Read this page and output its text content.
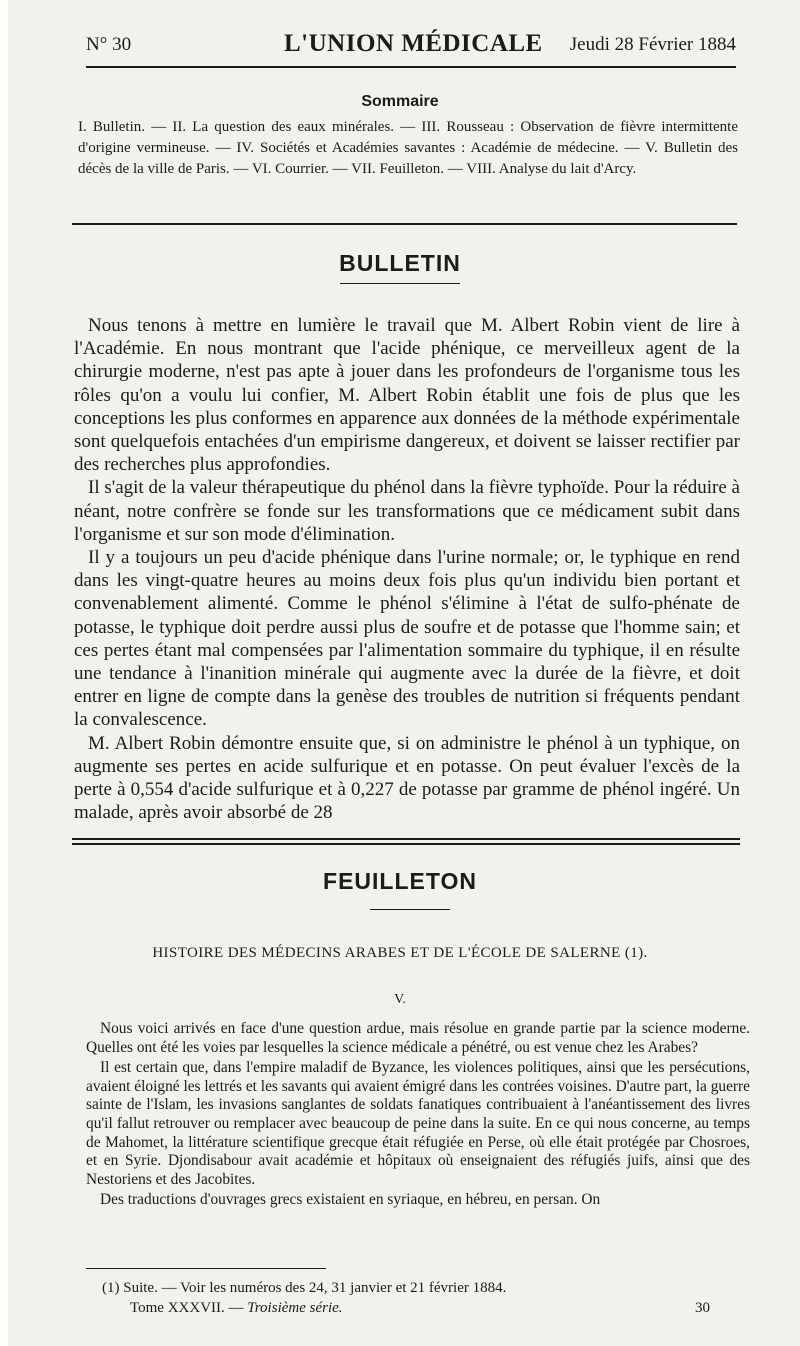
N° 30	L'UNION MÉDICALE Jeudi 28 Février 1884
Sommaire
I. Bulletin. — II. La question des eaux minérales. — III. Rousseau : Observation de fièvre intermittente d'origine vermineuse. — IV. Sociétés et Académies savantes : Académie de médecine. — V. Bulletin des décès de la ville de Paris. — VI. Courrier. — VII. Feuilleton. — VIII. Analyse du lait d'Arcy.
BULLETIN

Nous tenons à mettre en lumière le travail que M. Albert Robin vient de lire à l'Académie. En nous montrant que l'acide phénique, ce merveilleux agent de la chirurgie moderne, n'est pas apte à jouer dans les profondeurs de l'organisme tous les rôles qu'on a voulu lui confier, M. Albert Robin établit une fois de plus que les conceptions les plus conformes en apparence aux données de la méthode expérimentale sont quelquefois entachées d'un empirisme dangereux, et doivent se laisser rectifier par des recherches plus approfondies.

Il s'agit de la valeur thérapeutique du phénol dans la fièvre typhoïde. Pour la réduire à néant, notre confrère se fonde sur les transformations que ce médicament subit dans l'organisme et sur son mode d'élimination.

Il y a toujours un peu d'acide phénique dans l'urine normale; or, le typhique en rend dans les vingt-quatre heures au moins deux fois plus qu'un individu bien portant et convenablement alimenté. Comme le phénol s'élimine à l'état de sulfo-phénate de potasse, le typhique doit perdre aussi plus de soufre et de potasse que l'homme sain; et ces pertes étant mal compensées par l'alimentation sommaire du typhique, il en résulte une tendance à l'inanition minérale qui augmente avec la durée de la fièvre, et doit entrer en ligne de compte dans la genèse des troubles de nutrition si fréquents pendant la convalescence.

M. Albert Robin démontre ensuite que, si on administre le phénol à un typhique, on augmente ses pertes en acide sulfurique et en potasse. On peut évaluer l'excès de la perte à 0,554 d'acide sulfurique et à 0,227 de potasse par gramme de phénol ingéré. Un malade, après avoir absorbé de 28

FEUILLETON
HISTOIRE DES MÉDECINS ARABES ET DE L'ÉCOLE DE SALERNE (1).
V.

Nous voici arrivés en face d'une question ardue, mais résolue en grande partie par la science moderne. Quelles ont été les voies par lesquelles la science médicale a pénétré, ou est venue chez les Arabes?

Il est certain que, dans l'empire maladif de Byzance, les violences politiques, ainsi que les persécutions, avaient éloigné les lettrés et les savants qui avaient émigré dans les contrées voisines. D'autre part, la guerre sainte de l'Islam, les invasions sanglantes de soldats fanatiques contribuaient à l'anéantissement des livres qu'il fallut retrouver ou remplacer avec beaucoup de peine dans la suite. En ce qui nous concerne, au temps de Mahomet, la littérature scientifique grecque était réfugiée en Perse, où elle était protégée par Chosroes, et en Syrie. Djondisabour avait académie et hôpitaux où enseignaient des réfugiés juifs, ainsi que des Nestoriens et des Jacobites.

Des traductions d'ouvrages grecs existaient en syriaque, en hébreu, en persan. On

(1) Suite. — Voir les numéros des 24, 31 janvier et 21 février 1884.
Tome XXXVII. — Troisième série.	30
